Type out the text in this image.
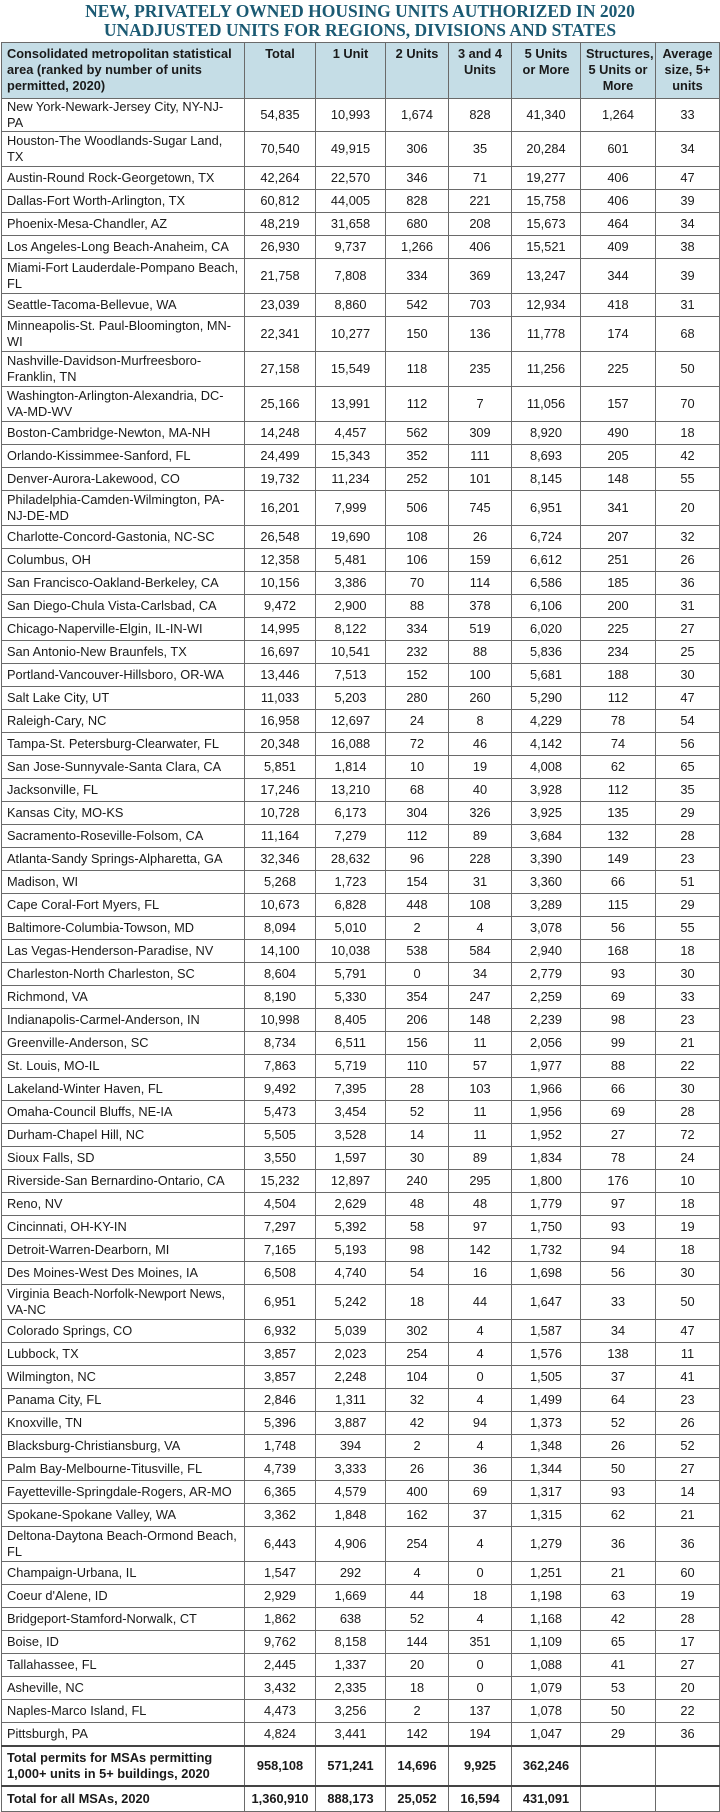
NEW, PRIVATELY OWNED HOUSING UNITS AUTHORIZED IN 2020
UNADJUSTED UNITS FOR REGIONS, DIVISIONS AND STATES
Consolidated metropolitan statistical area (ranked by number of units permitted, 2020)	Total	1 Unit	2 Units	3 and 4 Units	5 Units or More	Structures, 5 Units or More	Average size, 5+ units
New York-Newark-Jersey City, NY-NJ-PA	54,835	10,993	1,674	828	41,340	1,264	33
Houston-The Woodlands-Sugar Land, TX	70,540	49,915	306	35	20,284	601	34
Austin-Round Rock-Georgetown, TX	42,264	22,570	346	71	19,277	406	47
Dallas-Fort Worth-Arlington, TX	60,812	44,005	828	221	15,758	406	39
Phoenix-Mesa-Chandler, AZ	48,219	31,658	680	208	15,673	464	34
Los Angeles-Long Beach-Anaheim, CA	26,930	9,737	1,266	406	15,521	409	38
Miami-Fort Lauderdale-Pompano Beach, FL	21,758	7,808	334	369	13,247	344	39
Seattle-Tacoma-Bellevue, WA	23,039	8,860	542	703	12,934	418	31
Minneapolis-St. Paul-Bloomington, MN-WI	22,341	10,277	150	136	11,778	174	68
Nashville-Davidson-Murfreesboro-Franklin, TN	27,158	15,549	118	235	11,256	225	50
Washington-Arlington-Alexandria, DC-VA-MD-WV	25,166	13,991	112	7	11,056	157	70
Boston-Cambridge-Newton, MA-NH	14,248	4,457	562	309	8,920	490	18
Orlando-Kissimmee-Sanford, FL	24,499	15,343	352	111	8,693	205	42
Denver-Aurora-Lakewood, CO	19,732	11,234	252	101	8,145	148	55
Philadelphia-Camden-Wilmington, PA-NJ-DE-MD	16,201	7,999	506	745	6,951	341	20
Charlotte-Concord-Gastonia, NC-SC	26,548	19,690	108	26	6,724	207	32
Columbus, OH	12,358	5,481	106	159	6,612	251	26
San Francisco-Oakland-Berkeley, CA	10,156	3,386	70	114	6,586	185	36
San Diego-Chula Vista-Carlsbad, CA	9,472	2,900	88	378	6,106	200	31
Chicago-Naperville-Elgin, IL-IN-WI	14,995	8,122	334	519	6,020	225	27
San Antonio-New Braunfels, TX	16,697	10,541	232	88	5,836	234	25
Portland-Vancouver-Hillsboro, OR-WA	13,446	7,513	152	100	5,681	188	30
Salt Lake City, UT	11,033	5,203	280	260	5,290	112	47
Raleigh-Cary, NC	16,958	12,697	24	8	4,229	78	54
Tampa-St. Petersburg-Clearwater, FL	20,348	16,088	72	46	4,142	74	56
San Jose-Sunnyvale-Santa Clara, CA	5,851	1,814	10	19	4,008	62	65
Jacksonville, FL	17,246	13,210	68	40	3,928	112	35
Kansas City, MO-KS	10,728	6,173	304	326	3,925	135	29
Sacramento-Roseville-Folsom, CA	11,164	7,279	112	89	3,684	132	28
Atlanta-Sandy Springs-Alpharetta, GA	32,346	28,632	96	228	3,390	149	23
Madison, WI	5,268	1,723	154	31	3,360	66	51
Cape Coral-Fort Myers, FL	10,673	6,828	448	108	3,289	115	29
Baltimore-Columbia-Towson, MD	8,094	5,010	2	4	3,078	56	55
Las Vegas-Henderson-Paradise, NV	14,100	10,038	538	584	2,940	168	18
Charleston-North Charleston, SC	8,604	5,791	0	34	2,779	93	30
Richmond, VA	8,190	5,330	354	247	2,259	69	33
Indianapolis-Carmel-Anderson, IN	10,998	8,405	206	148	2,239	98	23
Greenville-Anderson, SC	8,734	6,511	156	11	2,056	99	21
St. Louis, MO-IL	7,863	5,719	110	57	1,977	88	22
Lakeland-Winter Haven, FL	9,492	7,395	28	103	1,966	66	30
Omaha-Council Bluffs, NE-IA	5,473	3,454	52	11	1,956	69	28
Durham-Chapel Hill, NC	5,505	3,528	14	11	1,952	27	72
Sioux Falls, SD	3,550	1,597	30	89	1,834	78	24
Riverside-San Bernardino-Ontario, CA	15,232	12,897	240	295	1,800	176	10
Reno, NV	4,504	2,629	48	48	1,779	97	18
Cincinnati, OH-KY-IN	7,297	5,392	58	97	1,750	93	19
Detroit-Warren-Dearborn, MI	7,165	5,193	98	142	1,732	94	18
Des Moines-West Des Moines, IA	6,508	4,740	54	16	1,698	56	30
Virginia Beach-Norfolk-Newport News, VA-NC	6,951	5,242	18	44	1,647	33	50
Colorado Springs, CO	6,932	5,039	302	4	1,587	34	47
Lubbock, TX	3,857	2,023	254	4	1,576	138	11
Wilmington, NC	3,857	2,248	104	0	1,505	37	41
Panama City, FL	2,846	1,311	32	4	1,499	64	23
Knoxville, TN	5,396	3,887	42	94	1,373	52	26
Blacksburg-Christiansburg, VA	1,748	394	2	4	1,348	26	52
Palm Bay-Melbourne-Titusville, FL	4,739	3,333	26	36	1,344	50	27
Fayetteville-Springdale-Rogers, AR-MO	6,365	4,579	400	69	1,317	93	14
Spokane-Spokane Valley, WA	3,362	1,848	162	37	1,315	62	21
Deltona-Daytona Beach-Ormond Beach, FL	6,443	4,906	254	4	1,279	36	36
Champaign-Urbana, IL	1,547	292	4	0	1,251	21	60
Coeur d'Alene, ID	2,929	1,669	44	18	1,198	63	19
Bridgeport-Stamford-Norwalk, CT	1,862	638	52	4	1,168	42	28
Boise, ID	9,762	8,158	144	351	1,109	65	17
Tallahassee, FL	2,445	1,337	20	0	1,088	41	27
Asheville, NC	3,432	2,335	18	0	1,079	53	20
Naples-Marco Island, FL	4,473	3,256	2	137	1,078	50	22
Pittsburgh, PA	4,824	3,441	142	194	1,047	29	36
Total permits for MSAs permitting 1,000+ units in 5+ buildings, 2020	958,108	571,241	14,696	9,925	362,246		
Total for all MSAs, 2020	1,360,910	888,173	25,052	16,594	431,091		
